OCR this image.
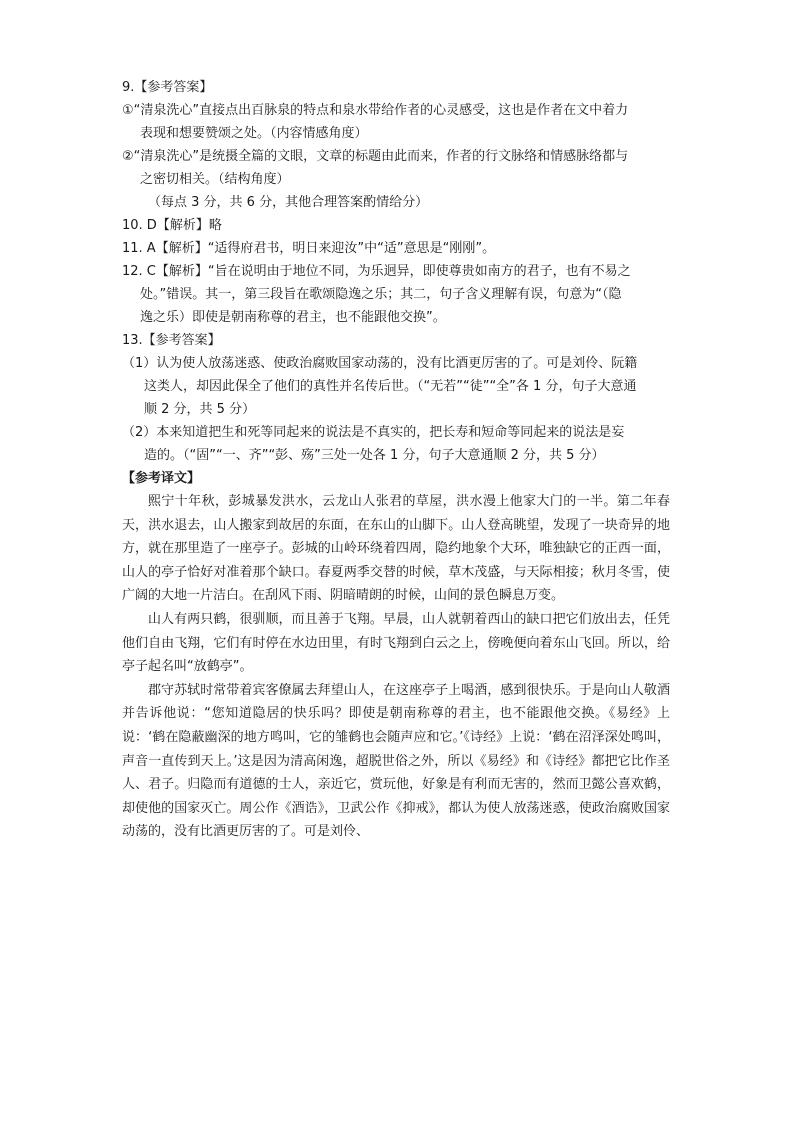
9.【参考答案】
①“清泉洗心”直接点出百脉泉的特点和泉水带给作者的心灵感受，这也是作者在文中着力
表现和想要赞颂之处。（内容情感角度）
②“清泉洗心”是统摄全篇的文眼，文章的标题由此而来，作者的行文脉络和情感脉络都与
之密切相关。（结构角度）
（每点 3 分，共 6 分，其他合理答案酌情给分）
10. D【解析】略
11. A【解析】“适得府君书，明日来迎汝”中“适”意思是“刚刚”。
12. C【解析】“旨在说明由于地位不同，为乐迥异，即使尊贵如南方的君子，也有不易之
处。”错误。其一，第三段旨在歌颂隐逸之乐；其二，句子含义理解有误，句意为“（隐
逸之乐）即使是朝南称尊的君主，也不能跟他交换”。
13.【参考答案】
（1）认为使人放荡迷惑、使政治腐败国家动荡的，没有比酒更厉害的了。可是刘伶、阮籍
这类人，却因此保全了他们的真性并名传后世。（“无若”“徒”“全”各 1 分，句子大意通
顺 2 分，共 5 分）
（2）本来知道把生和死等同起来的说法是不真实的，把长寿和短命等同起来的说法是妄
造的。（“固”“一、齐”“彭、殇”三处一处各 1 分，句子大意通顺 2 分，共 5 分）
【参考译文】
熙宁十年秋，彭城暴发洪水，云龙山人张君的草屋，洪水漫上他家大门的一半。第二年春天，洪水退去，山人搬家到故居的东面，在东山的山脚下。山人登高眺望，发现了一块奇异的地方，就在那里造了一座亭子。彭城的山岭环绕着四周，隐约地象个大环，唯独缺它的正西一面，山人的亭子恰好对准着那个缺口。春夏两季交替的时候，草木茂盛，与天际相接；秋月冬雪，使广阔的大地一片洁白。在刮风下雨、阴暗晴朗的时候，山间的景色瞬息万变。
山人有两只鹤，很驯顺，而且善于飞翔。早晨，山人就朝着西山的缺口把它们放出去，任凭他们自由飞翔，它们有时停在水边田里，有时飞翔到白云之上，傍晚便向着东山飞回。所以，给亭子起名叫“放鹤亭”。
郡守苏轼时常带着宾客僚属去拜望山人，在这座亭子上喝酒，感到很快乐。于是向山人敬酒并告诉他说：“您知道隐居的快乐吗？即使是朝南称尊的君主，也不能跟他交换。《易经》上说：‘鹤在隐蔽幽深的地方鸣叫，它的雏鹤也会随声应和它。’《诗经》上说：‘鹤在沼泽深处鸣叫，声音一直传到天上。’这是因为清高闲逸，超脱世俗之外，所以《易经》和《诗经》都把它比作圣人、君子。归隐而有道德的士人，亲近它，赏玩他，好象是有利而无害的，然而卫懿公喜欢鹤，却使他的国家灭亡。周公作《酒诰》，卫武公作《抑戒》，都认为使人放荡迷惑，使政治腐败国家动荡的，没有比酒更厉害的了。可是刘伶、
